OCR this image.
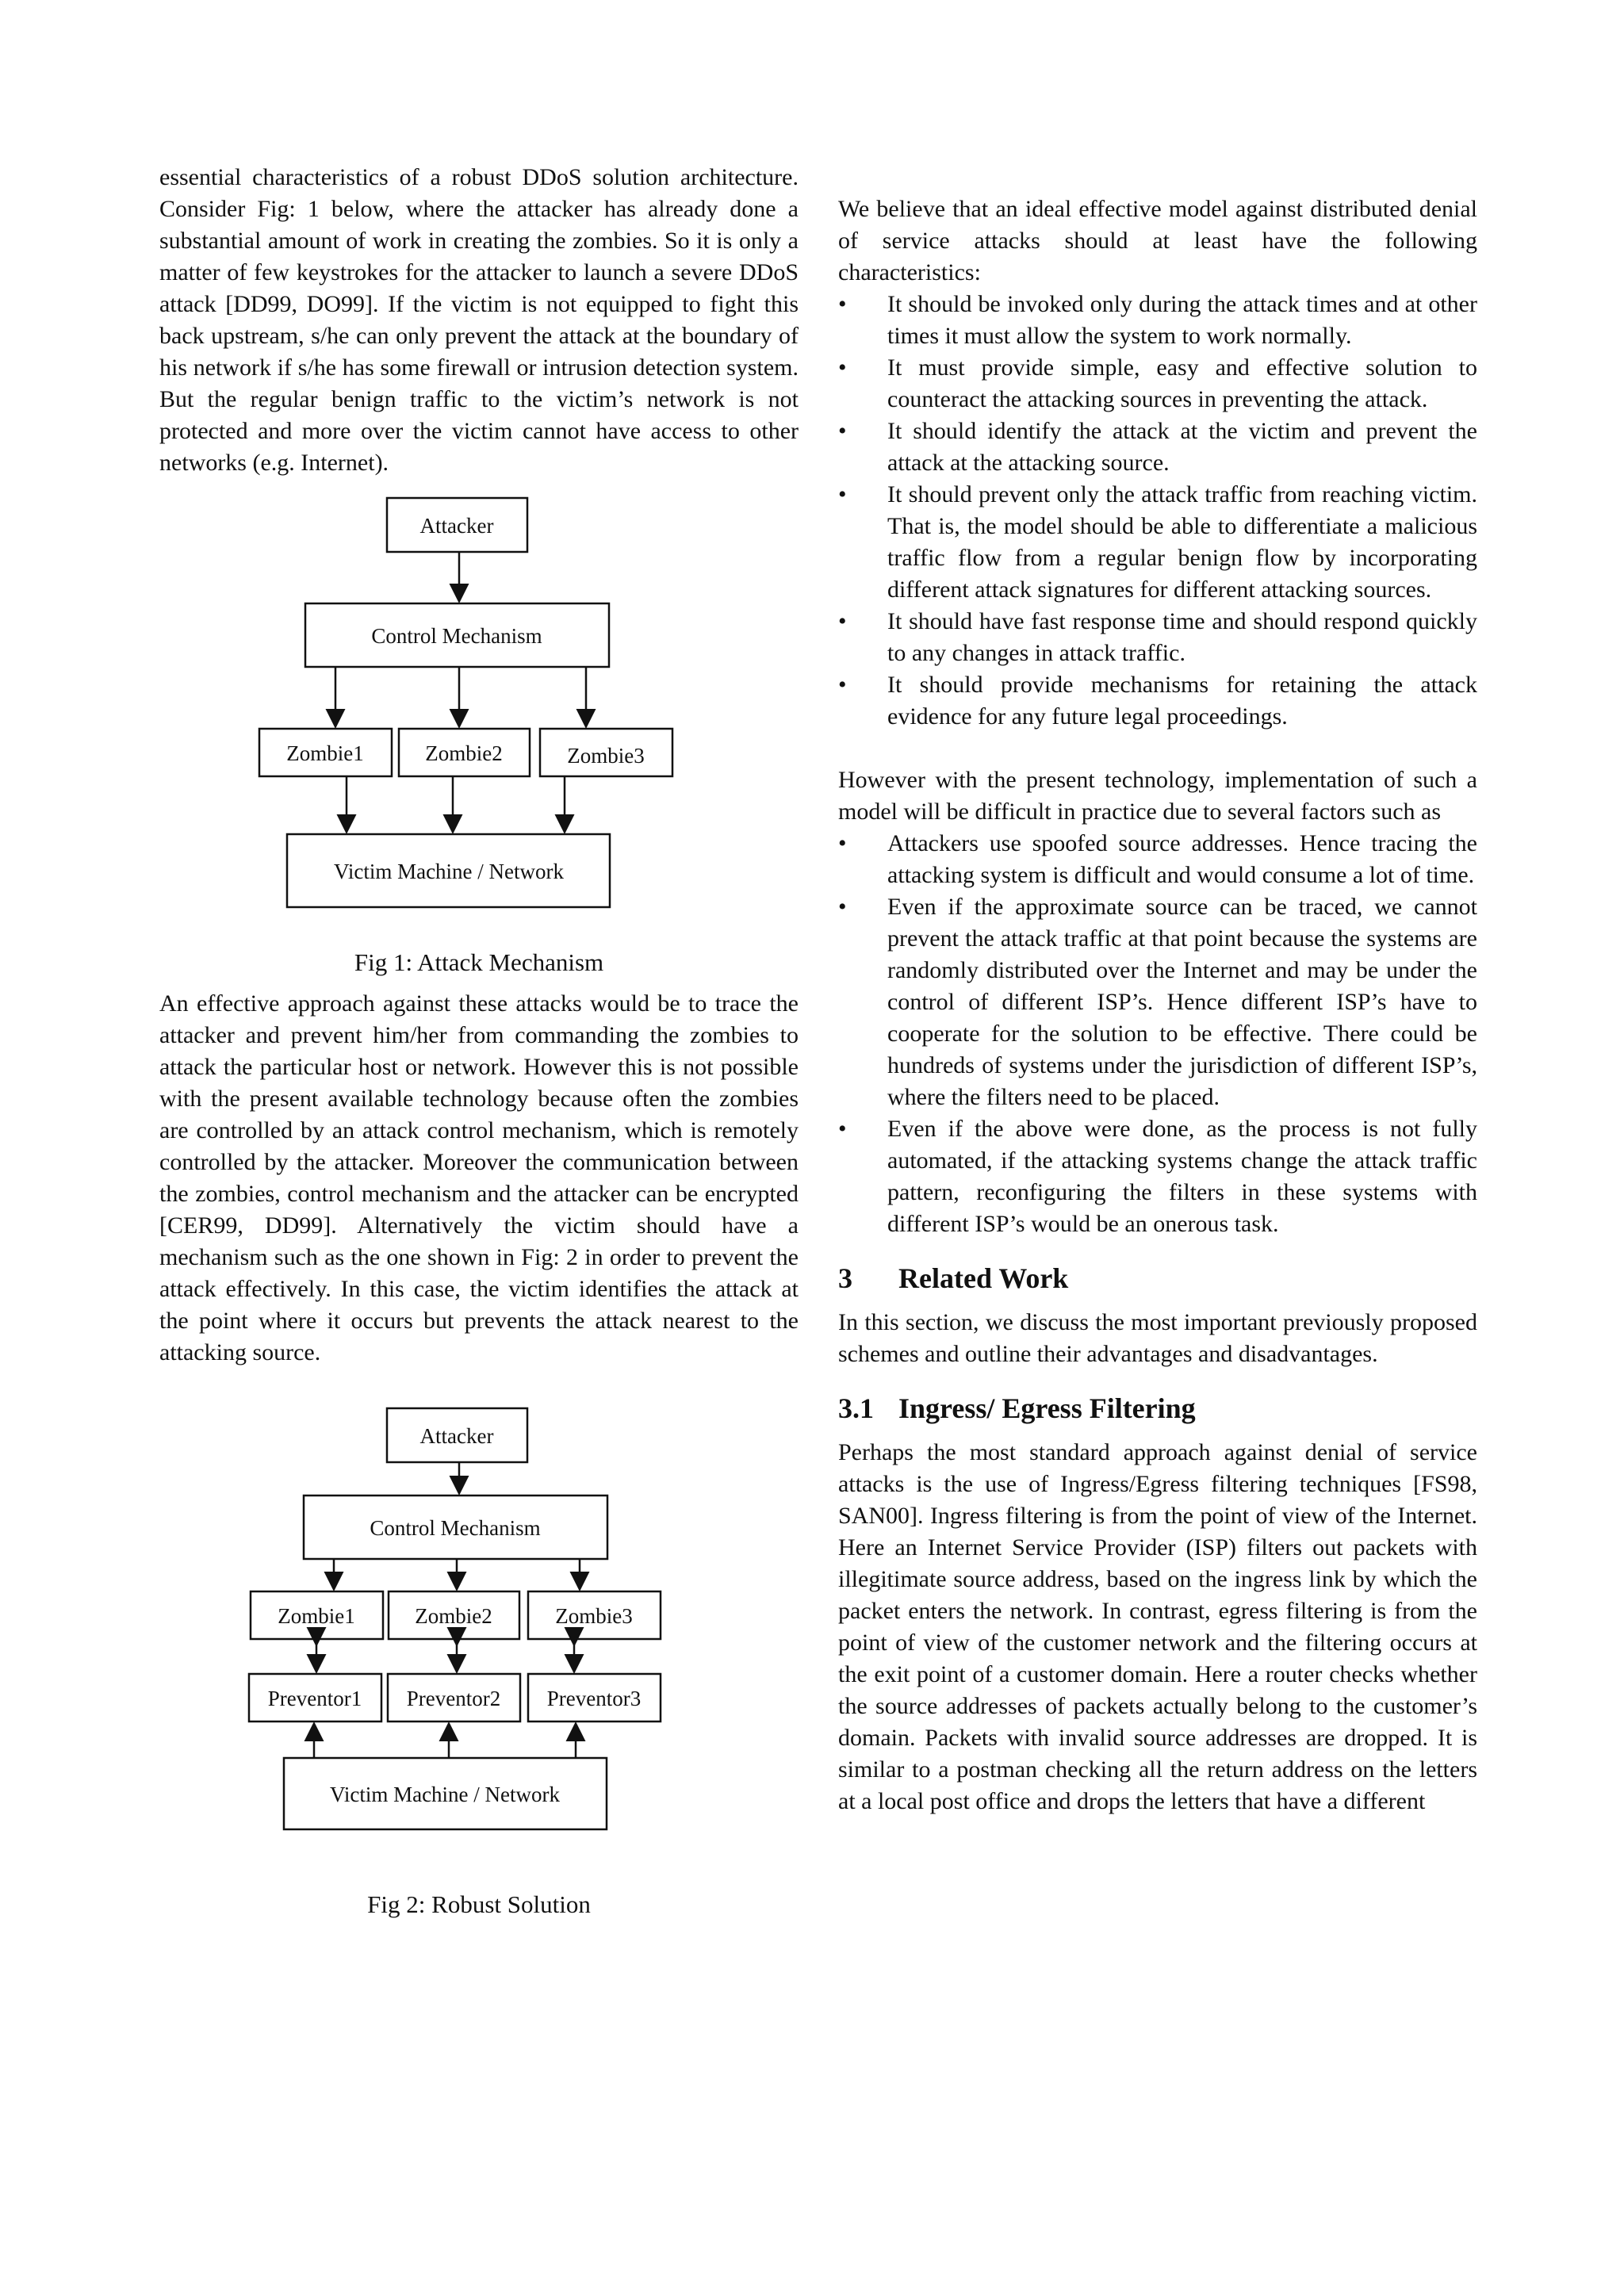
essential characteristics of a robust DDoS solution architecture. Consider Fig: 1 below, where the attacker has already done a substantial amount of work in creating the zombies. So it is only a matter of few keystrokes for the attacker to launch a severe DDoS attack [DD99, DO99]. If the victim is not equipped to fight this back upstream, s/he can only prevent the attack at the boundary of his network if s/he has some firewall or intrusion detection system. But the regular benign traffic to the victim’s network is not protected and more over the victim cannot have access to other networks (e.g. Internet).

Attacker
Control Mechanism
Zombie1	Zombie2	Zombie3
Victim Machine / Network

Fig 1: Attack Mechanism

An effective approach against these attacks would be to trace the attacker and prevent him/her from commanding the zombies to attack the particular host or network. However this is not possible with the present available technology because often the zombies are controlled by an attack control mechanism, which is remotely controlled by the attacker. Moreover the communication between the zombies, control mechanism and the attacker can be encrypted [CER99, DD99]. Alternatively the victim should have a mechanism such as the one shown in Fig: 2 in order to prevent the attack effectively. In this case, the victim identifies the attack at the point where it occurs but prevents the attack nearest to the attacking source.

Attacker
Control Mechanism
Zombie1	Zombie2	Zombie3
Preventor1 Preventor2 Preventor3
Victim Machine / Network

Fig 2: Robust Solution

We believe that an ideal effective model against distributed denial of service attacks should at least have the following characteristics:

• It should be invoked only during the attack times and at other times it must allow the system to work normally.
• It must provide simple, easy and effective solution to counteract the attacking sources in preventing the attack.
• It should identify the attack at the victim and prevent the attack at the attacking source.
• It should prevent only the attack traffic from reaching victim. That is, the model should be able to differentiate a malicious traffic flow from a regular benign flow by incorporating different attack signatures for different attacking sources.
• It should have fast response time and should respond quickly to any changes in attack traffic.
• It should provide mechanisms for retaining the attack evidence for any future legal proceedings.

However with the present technology, implementation of such a model will be difficult in practice due to several factors such as

• Attackers use spoofed source addresses. Hence tracing the attacking system is difficult and would consume a lot of time.
• Even if the approximate source can be traced, we cannot prevent the attack traffic at that point because the systems are randomly distributed over the Internet and may be under the control of different ISP’s. Hence different ISP’s have to cooperate for the solution to be effective. There could be hundreds of systems under the jurisdiction of different ISP’s, where the filters need to be placed.
• Even if the above were done, as the process is not fully automated, if the attacking systems change the attack traffic pattern, reconfiguring the filters in these systems with different ISP’s would be an onerous task.
3 Related Work

In this section, we discuss the most important previously proposed schemes and outline their advantages and disadvantages.

3.1 Ingress/ Egress Filtering

Perhaps the most standard approach against denial of service attacks is the use of Ingress/Egress filtering techniques [FS98, SAN00]. Ingress filtering is from the point of view of the Internet. Here an Internet Service Provider (ISP) filters out packets with illegitimate source address, based on the ingress link by which the packet enters the network. In contrast, egress filtering is from the point of view of the customer network and the filtering occurs at the exit point of a customer domain. Here a router checks whether the source addresses of packets actually belong to the customer’s domain. Packets with invalid source addresses are dropped. It is similar to a postman checking all the return address on the letters at a local post office and drops the letters that have a different
